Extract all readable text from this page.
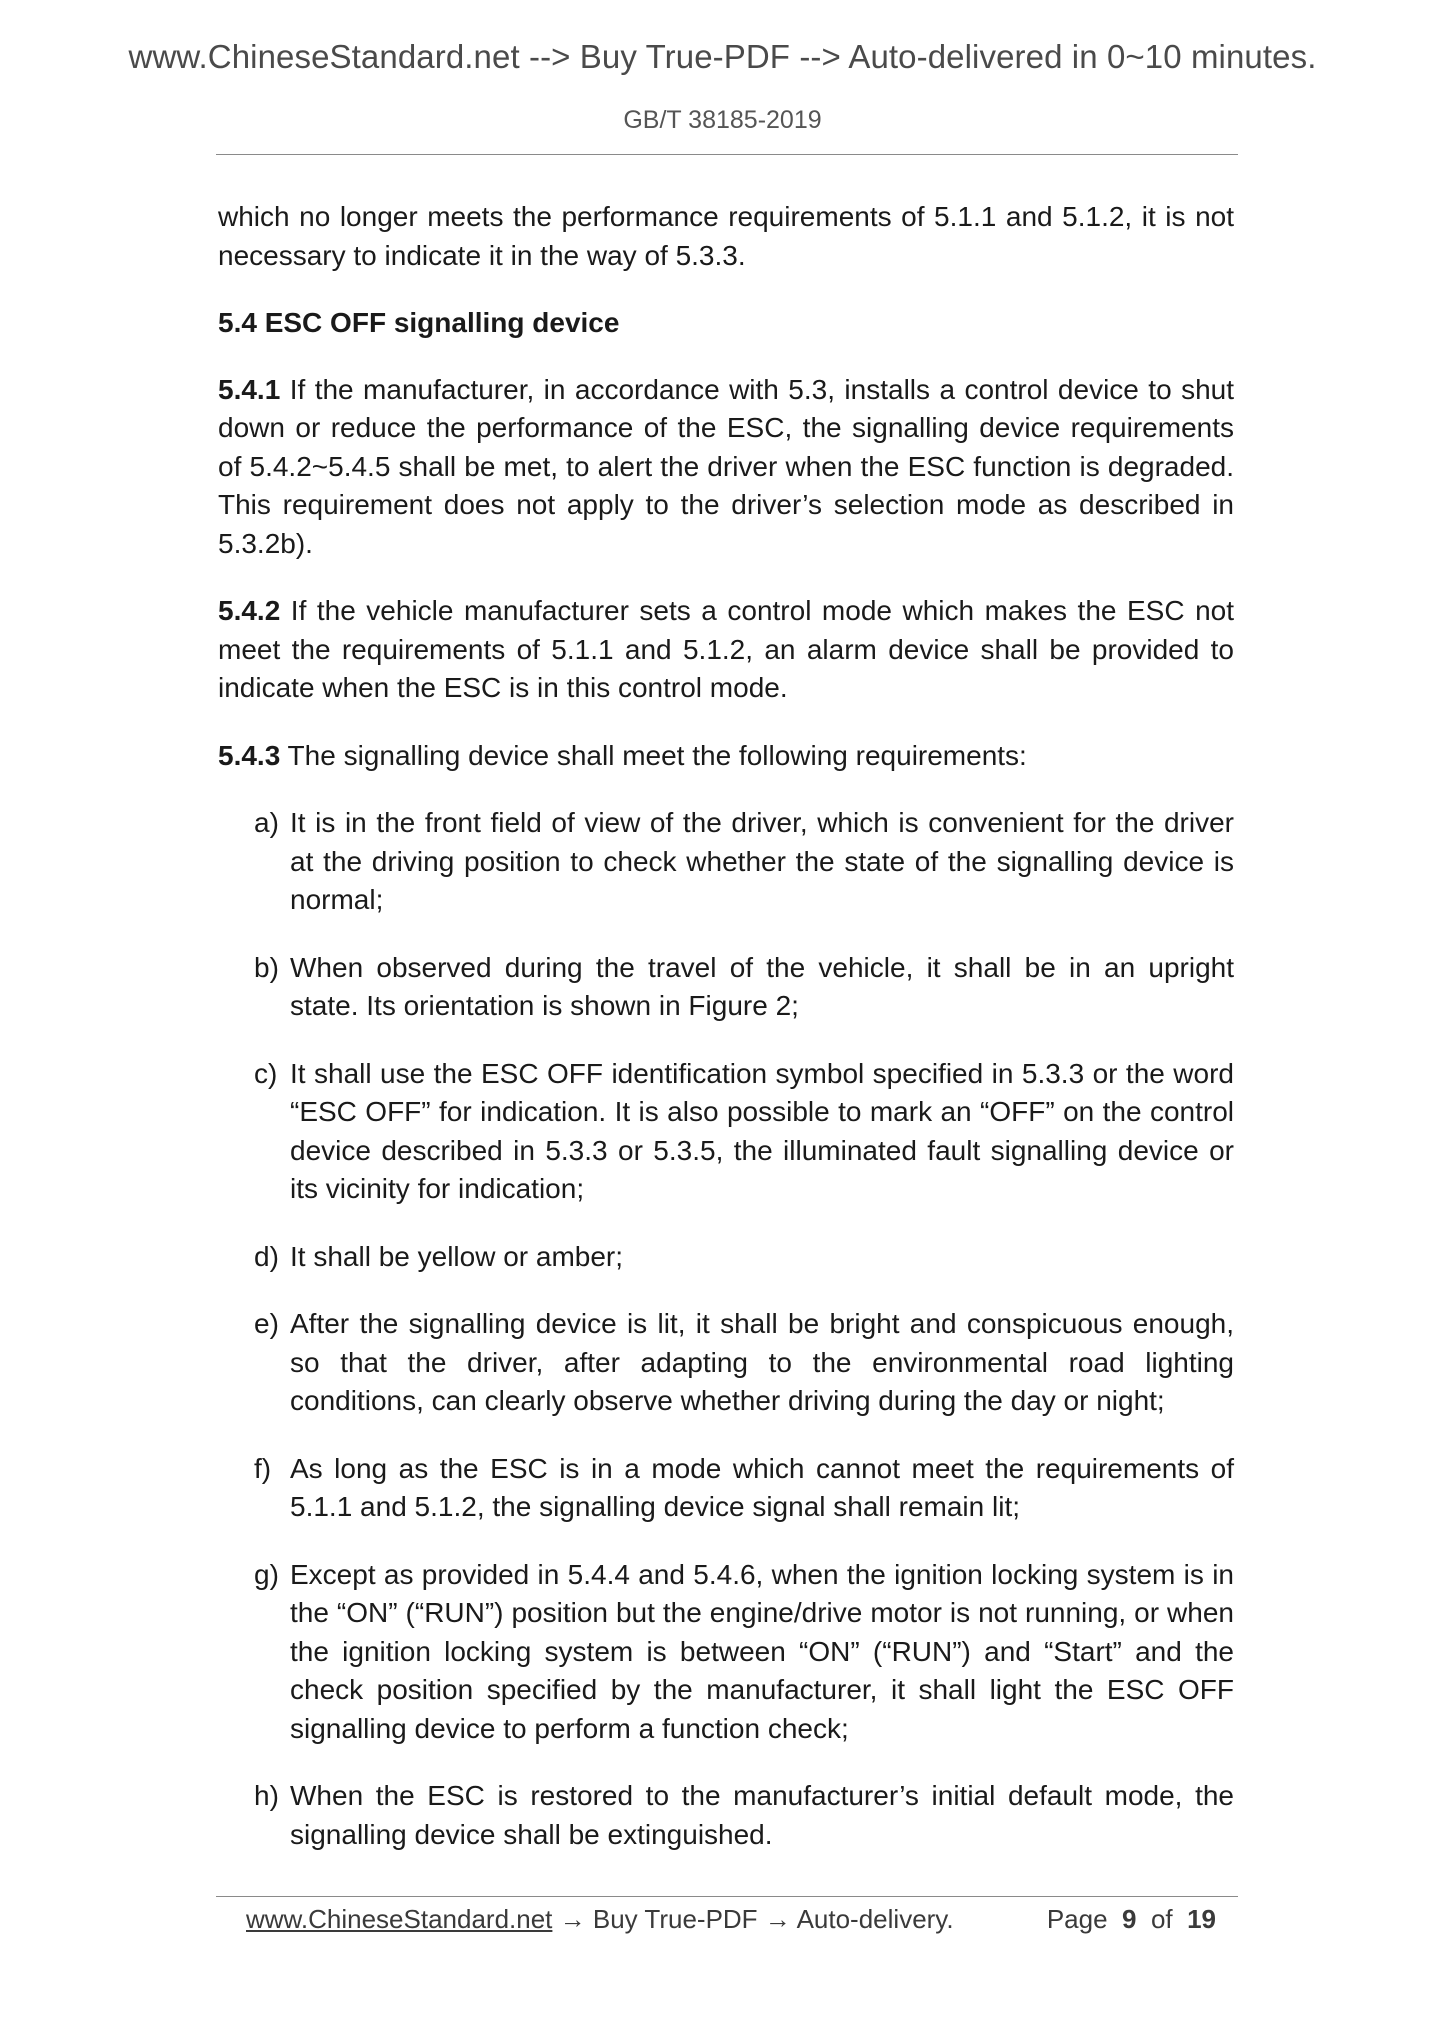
www.ChineseStandard.net --> Buy True-PDF --> Auto-delivered in 0~10 minutes.
GB/T 38185-2019

which no longer meets the performance requirements of 5.1.1 and 5.1.2, it is not necessary to indicate it in the way of 5.3.3.

5.4 ESC OFF signalling device

5.4.1 If the manufacturer, in accordance with 5.3, installs a control device to shut down or reduce the performance of the ESC, the signalling device requirements of 5.4.2~5.4.5 shall be met, to alert the driver when the ESC function is degraded. This requirement does not apply to the driver’s selection mode as described in 5.3.2b).

5.4.2 If the vehicle manufacturer sets a control mode which makes the ESC not meet the requirements of 5.1.1 and 5.1.2, an alarm device shall be provided to indicate when the ESC is in this control mode.

5.4.3 The signalling device shall meet the following requirements:

a) It is in the front field of view of the driver, which is convenient for the driver at the driving position to check whether the state of the signalling device is normal;
b) When observed during the travel of the vehicle, it shall be in an upright state. Its orientation is shown in Figure 2;
c) It shall use the ESC OFF identification symbol specified in 5.3.3 or the word “ESC OFF” for indication. It is also possible to mark an “OFF” on the control device described in 5.3.3 or 5.3.5, the illuminated fault signalling device or its vicinity for indication;
d) It shall be yellow or amber;
e) After the signalling device is lit, it shall be bright and conspicuous enough, so that the driver, after adapting to the environmental road lighting conditions, can clearly observe whether driving during the day or night;
f) As long as the ESC is in a mode which cannot meet the requirements of 5.1.1 and 5.1.2, the signalling device signal shall remain lit;
g) Except as provided in 5.4.4 and 5.4.6, when the ignition locking system is in the “ON” (“RUN”) position but the engine/drive motor is not running, or when the ignition locking system is between “ON” (“RUN”) and “Start” and the check position specified by the manufacturer, it shall light the ESC OFF signalling device to perform a function check;
h) When the ESC is restored to the manufacturer’s initial default mode, the signalling device shall be extinguished.
www.ChineseStandard.net → Buy True-PDF → Auto-delivery.	Page 9 of 19
